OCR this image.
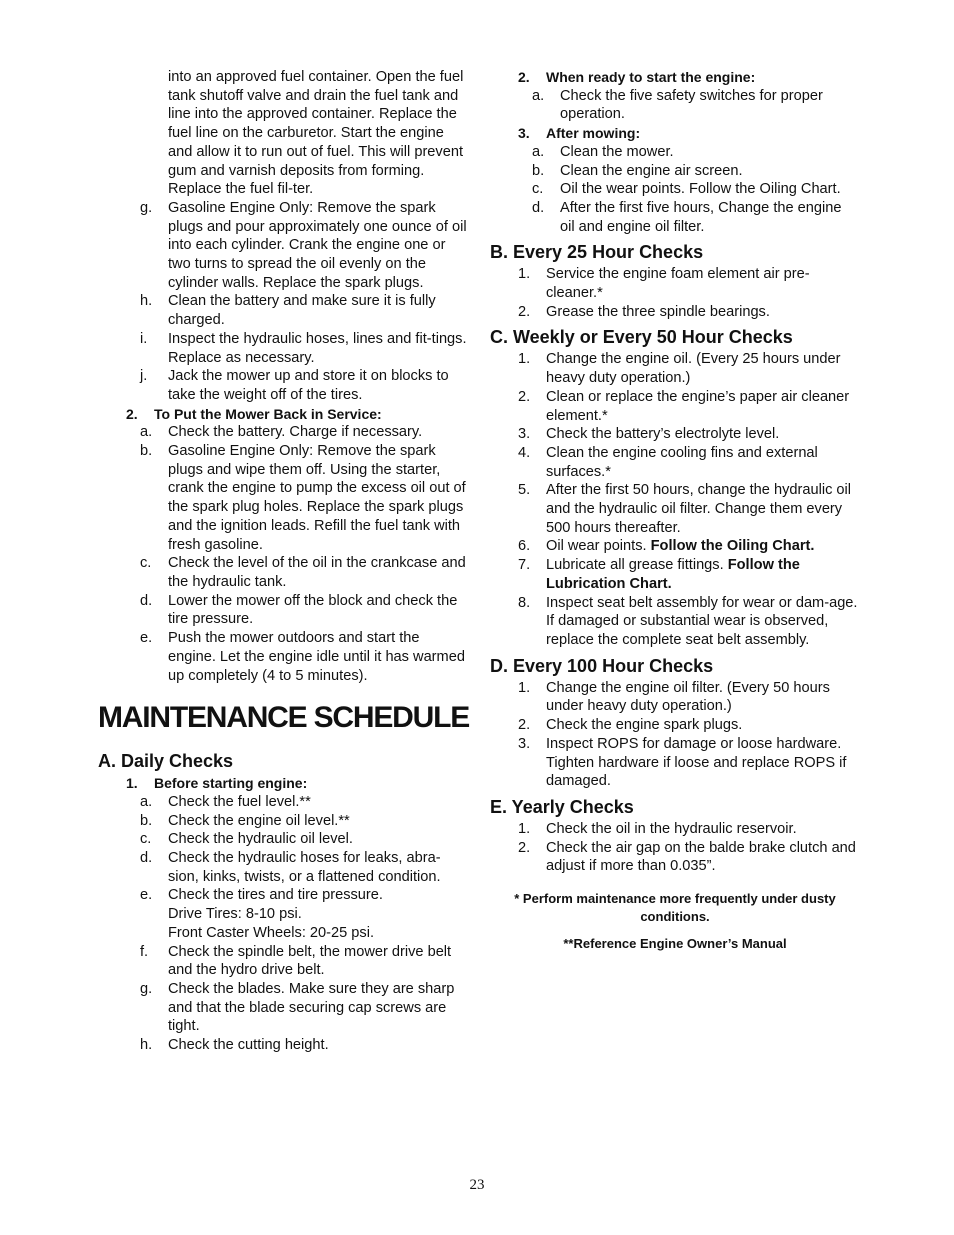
into an approved fuel container. Open the fuel tank shutoff valve and drain the fuel tank and line into the approved container. Replace the fuel line on the carburetor. Start the engine and allow it to run out of fuel. This will prevent gum and varnish deposits from forming. Replace the fuel fil-ter.
g.	Gasoline Engine Only: Remove the spark plugs and pour approximately one ounce of oil into each cylinder. Crank the engine one or two turns to spread the oil evenly on the cylinder walls. Replace the spark plugs.
h.	Clean the battery and make sure it is fully charged.
i.	Inspect the hydraulic hoses, lines and fit-tings. Replace as necessary.
j.	Jack the mower up and store it on blocks to take the weight off of the tires.
2.	To Put the Mower Back in Service:
a.	Check the battery. Charge if necessary.
b.	Gasoline Engine Only: Remove the spark plugs and wipe them off. Using the starter, crank the engine to pump the excess oil out of the spark plug holes. Replace the spark plugs and the ignition leads. Refill the fuel tank with fresh gasoline.
c.	Check the level of the oil in the crankcase and the hydraulic tank.
d.	Lower the mower off the block and check the tire pressure.
e.	Push the mower outdoors and start the engine. Let the engine idle until it has warmed up completely (4 to 5 minutes).
MAINTENANCE SCHEDULE
A. Daily Checks
1.	Before starting engine:
a.	Check the fuel level.**
b.	Check the engine oil level.**
c.	Check the hydraulic oil level.
d.	Check the hydraulic hoses for leaks, abra-sion, kinks, twists, or a flattened condition.
e.	Check the tires and tire pressure.
Drive Tires: 8-10 psi.
Front Caster Wheels: 20-25 psi.
f.	Check the spindle belt, the mower drive belt and the hydro drive belt.
g.	Check the blades. Make sure they are sharp and that the blade securing cap screws are tight.
h.	Check the cutting height.
2.	When ready to start the engine:
a.	Check the five safety switches for proper operation.
3.	After mowing:
a.	Clean the mower.
b.	Clean the engine air screen.
c.	Oil the wear points. Follow the Oiling Chart.
d.	After the first five hours, Change the engine oil and engine oil filter.
B. Every 25 Hour Checks
1.	Service the engine foam element air pre-cleaner.*
2.	Grease the three spindle bearings.
C. Weekly or Every 50 Hour Checks
1.	Change the engine oil. (Every 25 hours under heavy duty operation.)
2.	Clean or replace the engine’s paper air cleaner element.*
3.	Check the battery’s electrolyte level.
4.	Clean the engine cooling fins and external surfaces.*
5.	After the first 50 hours, change the hydraulic oil and the hydraulic oil filter. Change them every 500 hours thereafter.
6.	Oil wear points. Follow the Oiling Chart.
7.	Lubricate all grease fittings. Follow the Lubrication Chart.
8.	Inspect seat belt assembly for wear or dam-age. If damaged or substantial wear is observed, replace the complete seat belt assembly.
D. Every 100 Hour Checks
1.	Change the engine oil filter. (Every 50 hours under heavy duty operation.)
2.	Check the engine spark plugs.
3.	Inspect ROPS for damage or loose hardware. Tighten hardware if loose and replace ROPS if damaged.
E. Yearly Checks
1.	Check the oil in the hydraulic reservoir.
2.	Check the air gap on the balde brake clutch and adjust if more than 0.035”.

* Perform maintenance more frequently under dusty conditions.

**Reference Engine Owner’s Manual

23
